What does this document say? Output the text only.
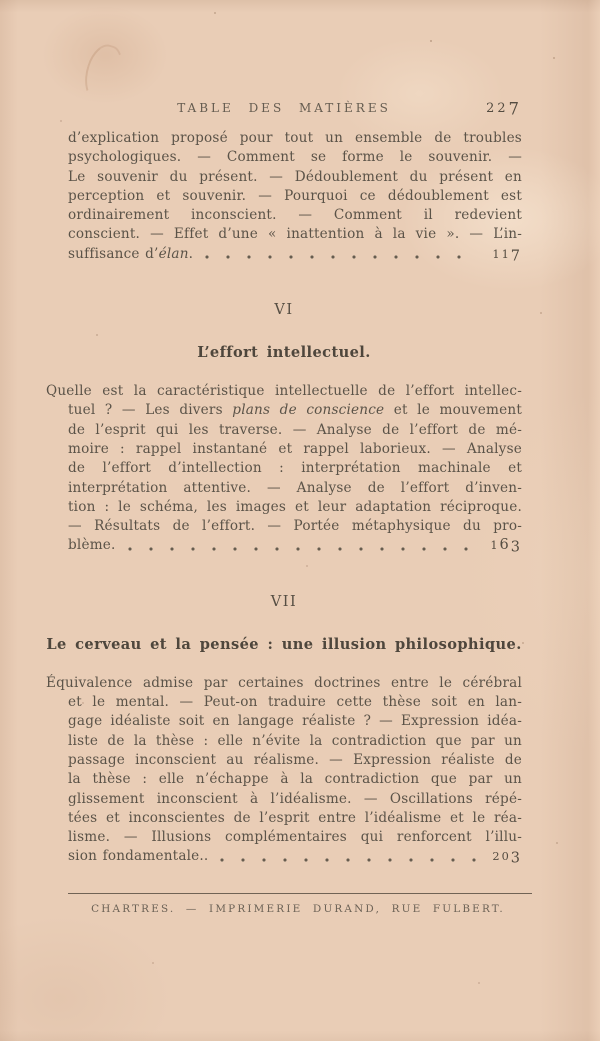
TABLE DES MATIÈRES	227
d’explication proposé pour tout un ensemble de troubles
psychologiques. — Comment se forme le souvenir. —
Le souvenir du présent. — Dédoublement du présent en
perception et souvenir. — Pourquoi ce dédoublement est
ordinairement inconscient. — Comment il redevient
conscient. — Effet d’une « inattention à la vie ». — L’in-
suffisance d’élan.	117
VI
L’effort intellectuel.
Quelle est la caractéristique intellectuelle de l’effort intellec-
tuel ? — Les divers plans de conscience et le mouvement
de l’esprit qui les traverse. — Analyse de l’effort de mé-
moire : rappel instantané et rappel laborieux. — Analyse
de l’effort d’intellection : interprétation machinale et
interprétation attentive. — Analyse de l’effort d’inven-
tion : le schéma, les images et leur adaptation réciproque.
— Résultats de l’effort. — Portée métaphysique du pro-
blème.	163
VII
Le cerveau et la pensée : une illusion philosophique.
Équivalence admise par certaines doctrines entre le cérébral
et le mental. — Peut-on traduire cette thèse soit en lan-
gage idéaliste soit en langage réaliste ? — Expression idéa-
liste de la thèse : elle n’évite la contradiction que par un
passage inconscient au réalisme. — Expression réaliste de
la thèse : elle n’échappe à la contradiction que par un
glissement inconscient à l’idéalisme. — Oscillations répé-
tées et inconscientes de l’esprit entre l’idéalisme et le réa-
lisme. — Illusions complémentaires qui renforcent l’illu-
sion fondamentale..	203
CHARTRES. — IMPRIMERIE DURAND, RUE FULBERT.
